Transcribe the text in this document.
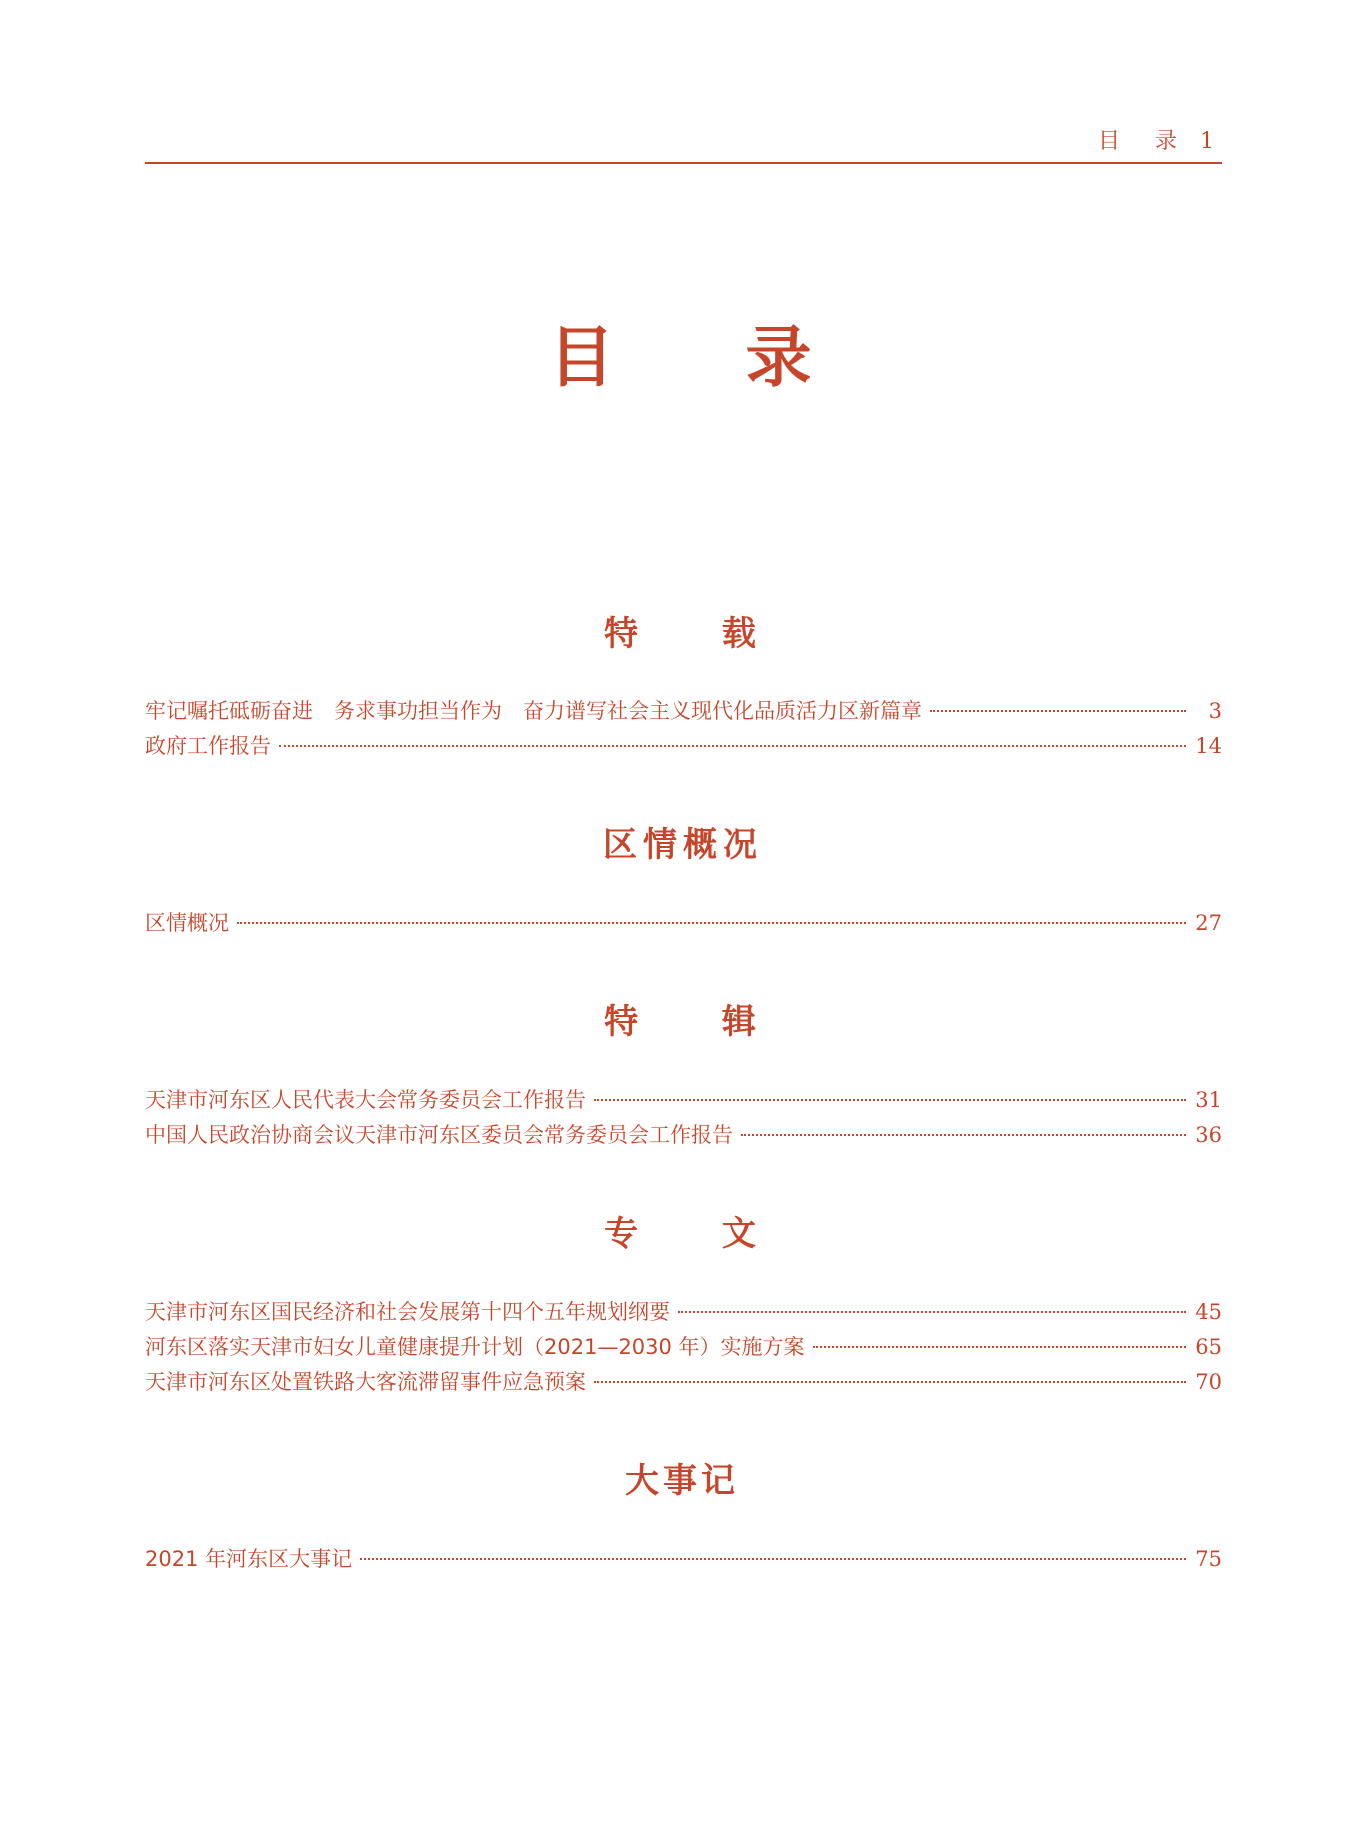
目 录 1
目 录
特 载
牢记嘱托砥砺奋进　务求事功担当作为　奋力谱写社会主义现代化品质活力区新篇章	3
政府工作报告	14
区情概况
区情概况	27
特 辑
天津市河东区人民代表大会常务委员会工作报告	31
中国人民政治协商会议天津市河东区委员会常务委员会工作报告	36
专 文
天津市河东区国民经济和社会发展第十四个五年规划纲要	45
河东区落实天津市妇女儿童健康提升计划（2021—2030 年）实施方案	65
天津市河东区处置铁路大客流滞留事件应急预案	70
大事记
2021 年河东区大事记	75
